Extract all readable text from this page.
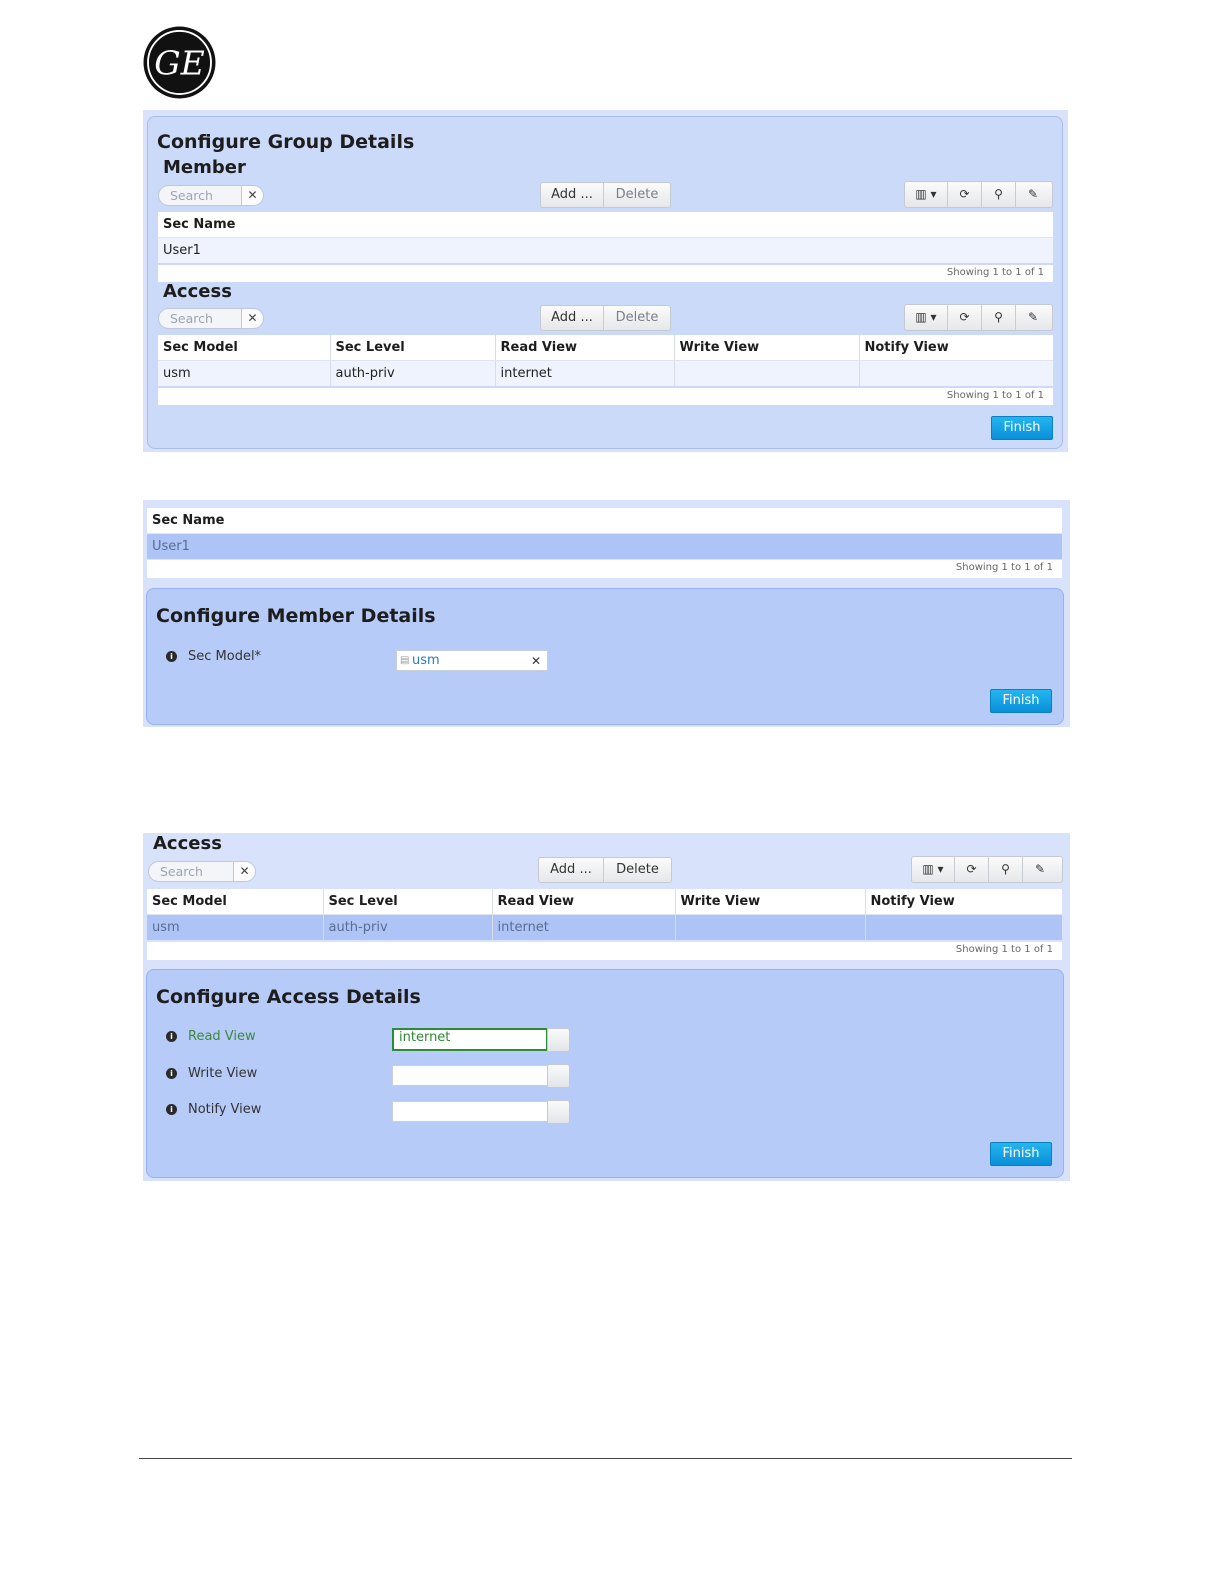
GE
Configure Group Details
Member
Search	✕	Add ...	Delete	▥ ▾	⟳	⚲	✎
Sec Name
User1
Showing 1 to 1 of 1
Access
Search	✕	Add ...	Delete	▥ ▾	⟳	⚲	✎
Sec Model	Sec Level	Read View	Write View	Notify View
usm	auth-priv	internet		
Showing 1 to 1 of 1
Finish
Sec Name
User1
Showing 1 to 1 of 1
Configure Member Details
i	Sec Model*	▤ usm	✕
Finish
Access
Search	✕	Add ...	Delete	▥ ▾	⟳	⚲	✎
Sec Model	Sec Level	Read View	Write View	Notify View
usm	auth-priv	internet		
Showing 1 to 1 of 1
Configure Access Details
i	Read View	internet
i	Write View
i	Notify View
Finish
